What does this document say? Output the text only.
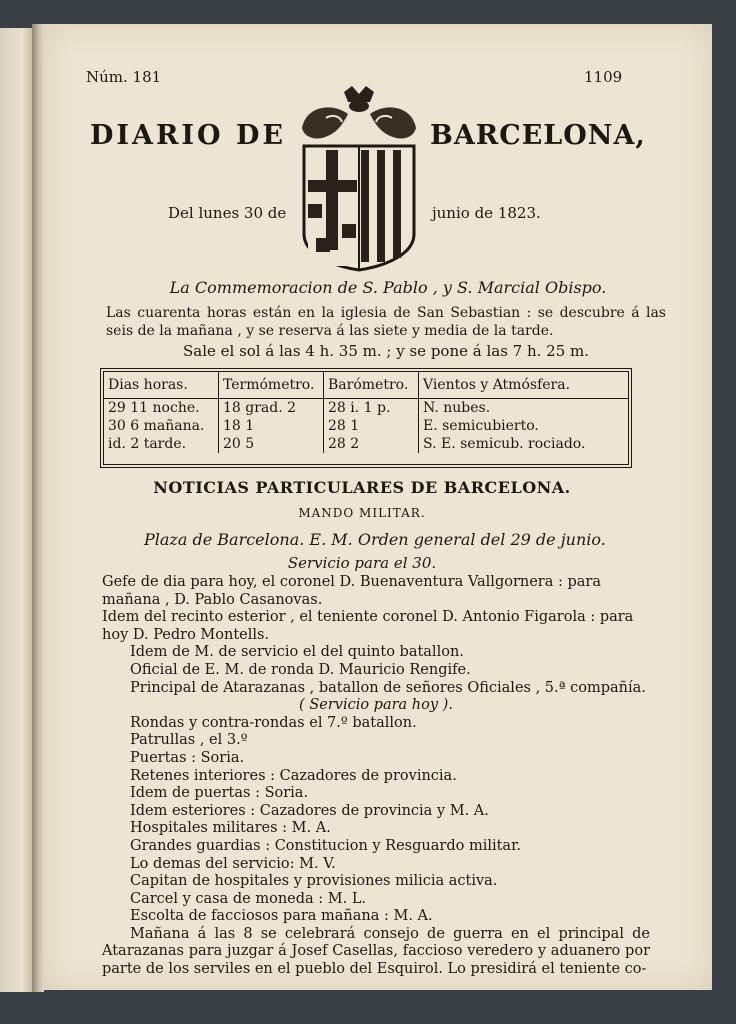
Núm. 181	1109
DIARIO DE	BARCELONA,
Del lunes 30 de	junio de 1823.
La Commemoracion de S. Pablo , y S. Marcial Obispo.
Las cuarenta horas están en la iglesia de San Sebastian : se descubre á las seis de la mañana , y se reserva á las siete y media de la tarde.
Sale el sol á las 4 h. 35 m. ; y se pone á las 7 h. 25 m.
Dias horas.	Termómetro.	Barómetro.	Vientos y Atmósfera.
29 11 noche.	18 grad. 2	28 i. 1 p.	N. nubes.
30 6 mañana.	18 1	28 1	E. semicubierto.
id. 2 tarde.	20 5	28 2	S. E. semicub. rociado.
NOTICIAS PARTICULARES DE BARCELONA.
MANDO MILITAR.
Plaza de Barcelona. E. M. Orden general del 29 de junio.
Servicio para el 30.

Gefe de dia para hoy, el coronel D. Buenaventura Vallgornera : para mañana , D. Pablo Casanovas.

Idem del recinto esterior , el teniente coronel D. Antonio Figarola : para hoy D. Pedro Montells.

Idem de M. de servicio el del quinto batallon.

Oficial de E. M. de ronda D. Mauricio Rengife.

Principal de Atarazanas , batallon de señores Oficiales , 5.ª compañía.

( Servicio para hoy ).

Rondas y contra-rondas el 7.º batallon.

Patrullas , el 3.º

Puertas : Soria.

Retenes interiores : Cazadores de provincia.

Idem de puertas : Soria.

Idem esteriores : Cazadores de provincia y M. A.

Hospitales militares : M. A.

Grandes guardias : Constitucion y Resguardo militar.

Lo demas del servicio: M. V.

Capitan de hospitales y provisiones milicia activa.

Carcel y casa de moneda : M. L.

Escolta de facciosos para mañana : M. A.

Mañana á las 8 se celebrará consejo de guerra en el principal de Atarazanas para juzgar á Josef Casellas, faccioso veredero y aduanero por parte de los serviles en el pueblo del Esquirol. Lo presidirá el teniente co-
